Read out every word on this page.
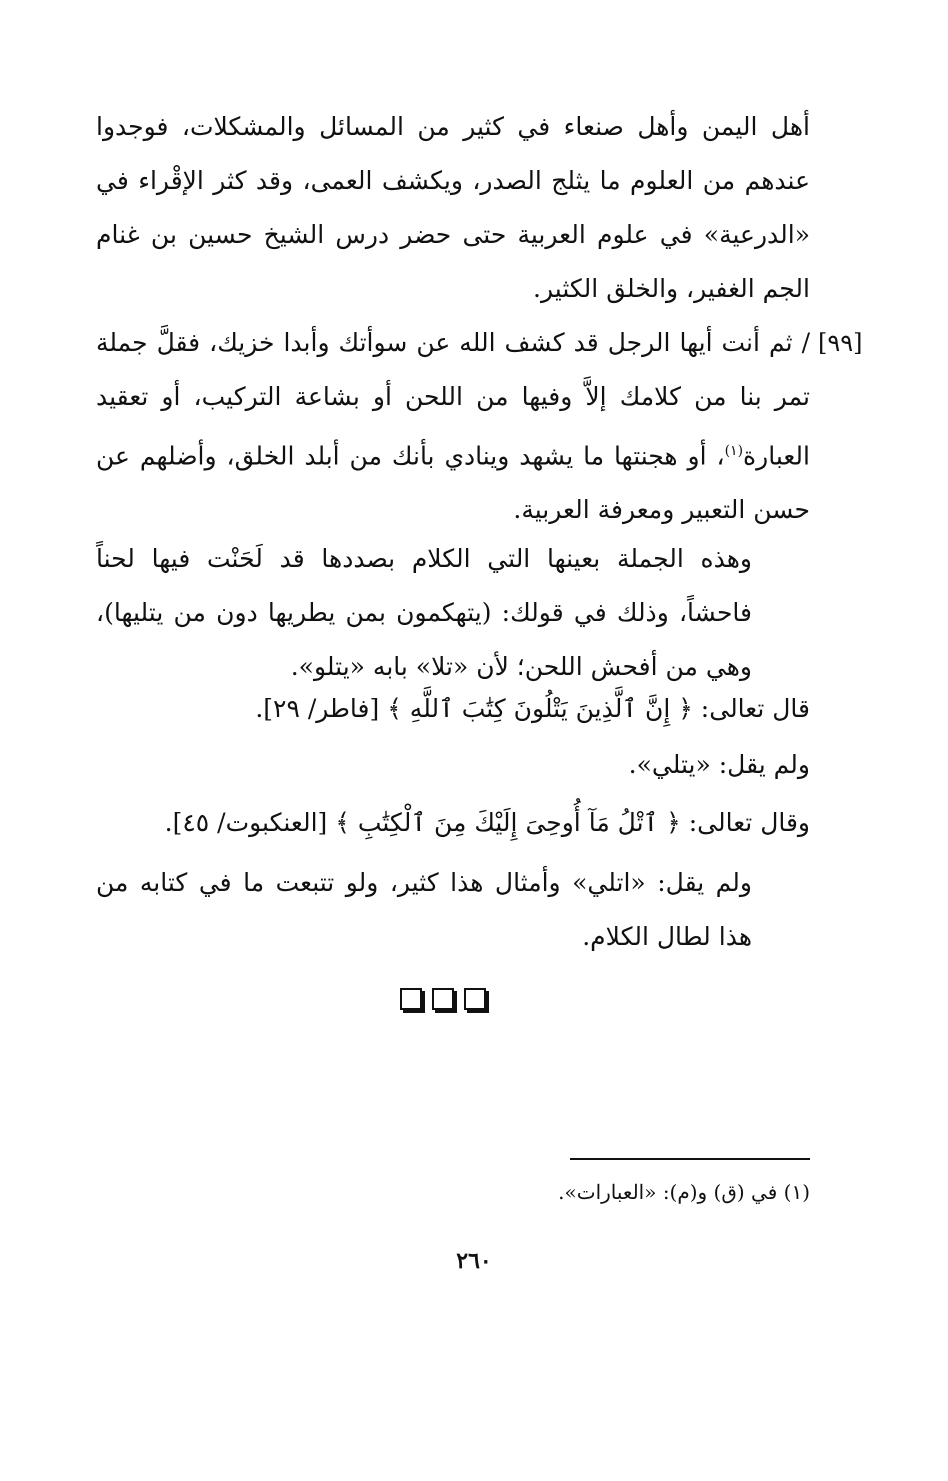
أهل اليمن وأهل صنعاء في كثير من المسائل والمشكلات، فوجدوا عندهم من العلوم ما يثلج الصدر، ويكشف العمى، وقد كثر الإقْراء في «الدرعية» في علوم العربية حتى حضر درس الشيخ حسين بن غنام الجم الغفير، والخلق الكثير.

[٩٩]

/ ثم أنت أيها الرجل قد كشف الله عن سوأتك وأبدا خزيك، فقلَّ جملة تمر بنا من كلامك إلاَّ وفيها من اللحن أو بشاعة التركيب، أو تعقيد العبارة$^{(١)}$، أو هجنتها ما يشهد وينادي بأنك من أبلد الخلق، وأضلهم عن حسن التعبير ومعرفة العربية.

وهذه الجملة بعينها التي الكلام بصددها قد لَحَنْت فيها لحناً فاحشاً، وذلك في قولك: (يتهكمون بمن يطريها دون من يتليها)، وهي من أفحش اللحن؛ لأن «تلا» بابه «يتلو».

قال تعالى: ﴿ إِنَّ ٱلَّذِينَ يَتْلُونَ كِتَٰبَ ٱللَّهِ ﴾ [فاطر/ ٢٩].
ولم يقل: «يتلي».
وقال تعالى: ﴿ ٱتْلُ مَآ أُوحِىَ إِلَيْكَ مِنَ ٱلْكِتَٰبِ ﴾ [العنكبوت/ ٤٥].

ولم يقل: «اتلي» وأمثال هذا كثير، ولو تتبعت ما في كتابه من هذا لطال الكلام.

(١) في (ق) و(م): «العبارات».
٢٦٠
